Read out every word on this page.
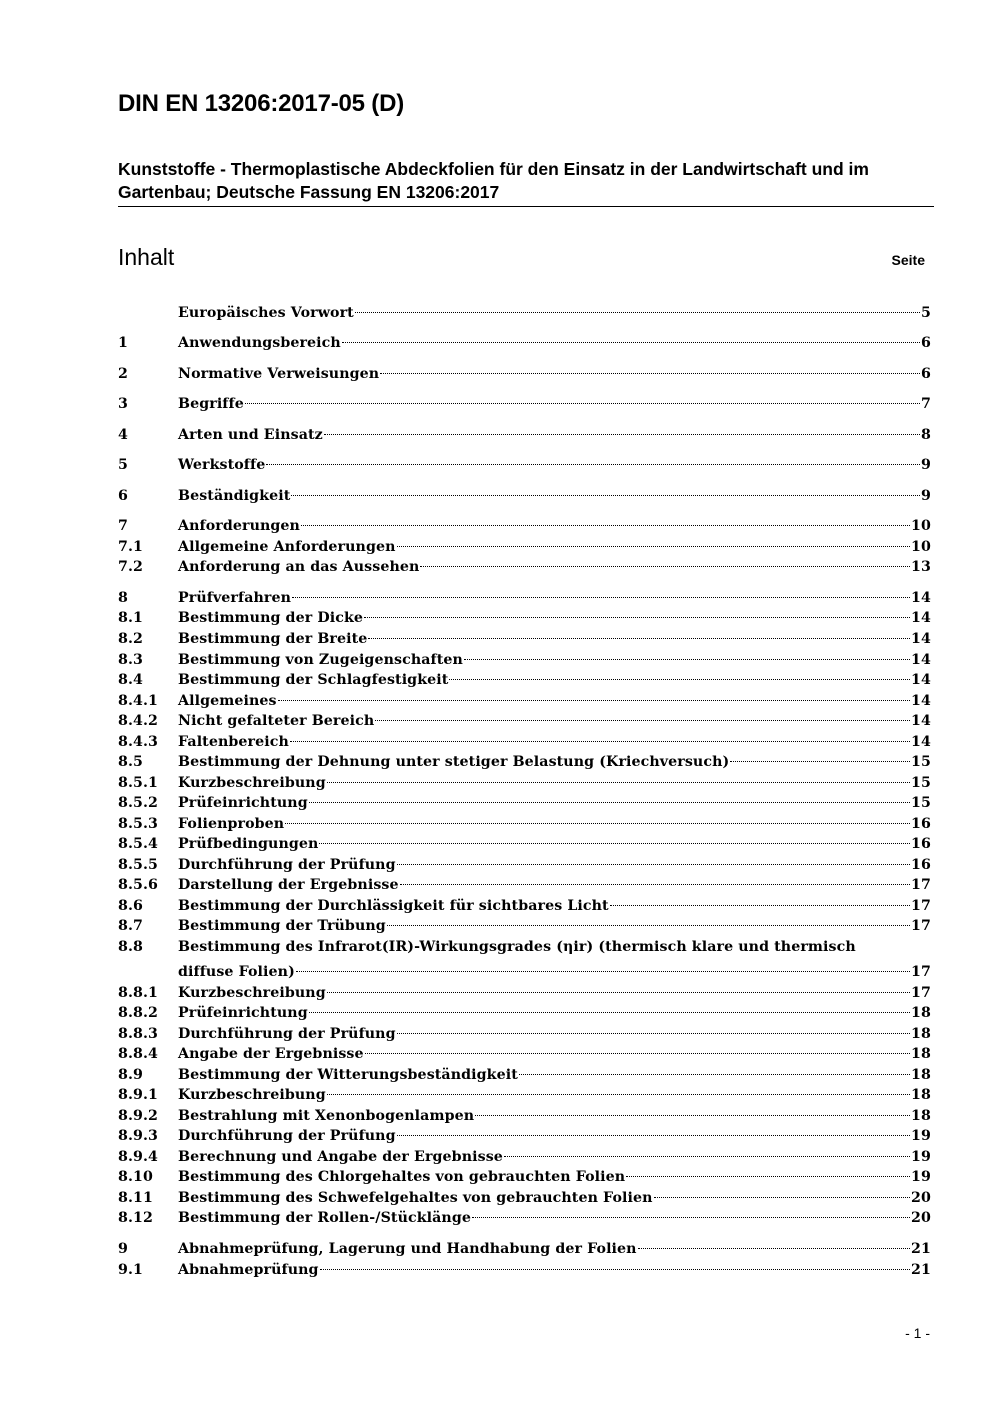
DIN EN 13206:2017-05 (D)
Kunststoffe - Thermoplastische Abdeckfolien für den Einsatz in der Landwirtschaft und im Gartenbau; Deutsche Fassung EN 13206:2017
Inhalt	Seite
Europäisches Vorwort	5
1	Anwendungsbereich	6
2	Normative Verweisungen	6
3	Begriffe	7
4	Arten und Einsatz	8
5	Werkstoffe	9
6	Beständigkeit	9
7	Anforderungen	10
7.1	Allgemeine Anforderungen	10
7.2	Anforderung an das Aussehen	13
8	Prüfverfahren	14
8.1	Bestimmung der Dicke	14
8.2	Bestimmung der Breite	14
8.3	Bestimmung von Zugeigenschaften	14
8.4	Bestimmung der Schlagfestigkeit	14
8.4.1	Allgemeines	14
8.4.2	Nicht gefalteter Bereich	14
8.4.3	Faltenbereich	14
8.5	Bestimmung der Dehnung unter stetiger Belastung (Kriechversuch)	15
8.5.1	Kurzbeschreibung	15
8.5.2	Prüfeinrichtung	15
8.5.3	Folienproben	16
8.5.4	Prüfbedingungen	16
8.5.5	Durchführung der Prüfung	16
8.5.6	Darstellung der Ergebnisse	17
8.6	Bestimmung der Durchlässigkeit für sichtbares Licht	17
8.7	Bestimmung der Trübung	17
8.8	Bestimmung des Infrarot(IR)-Wirkungsgrades (ηir) (thermisch klare und thermisch
diffuse Folien)	17
8.8.1	Kurzbeschreibung	17
8.8.2	Prüfeinrichtung	18
8.8.3	Durchführung der Prüfung	18
8.8.4	Angabe der Ergebnisse	18
8.9	Bestimmung der Witterungsbeständigkeit	18
8.9.1	Kurzbeschreibung	18
8.9.2	Bestrahlung mit Xenonbogenlampen	18
8.9.3	Durchführung der Prüfung	19
8.9.4	Berechnung und Angabe der Ergebnisse	19
8.10	Bestimmung des Chlorgehaltes von gebrauchten Folien	19
8.11	Bestimmung des Schwefelgehaltes von gebrauchten Folien	20
8.12	Bestimmung der Rollen-/Stücklänge	20
9	Abnahmeprüfung, Lagerung und Handhabung der Folien	21
9.1	Abnahmeprüfung	21
- 1 -
